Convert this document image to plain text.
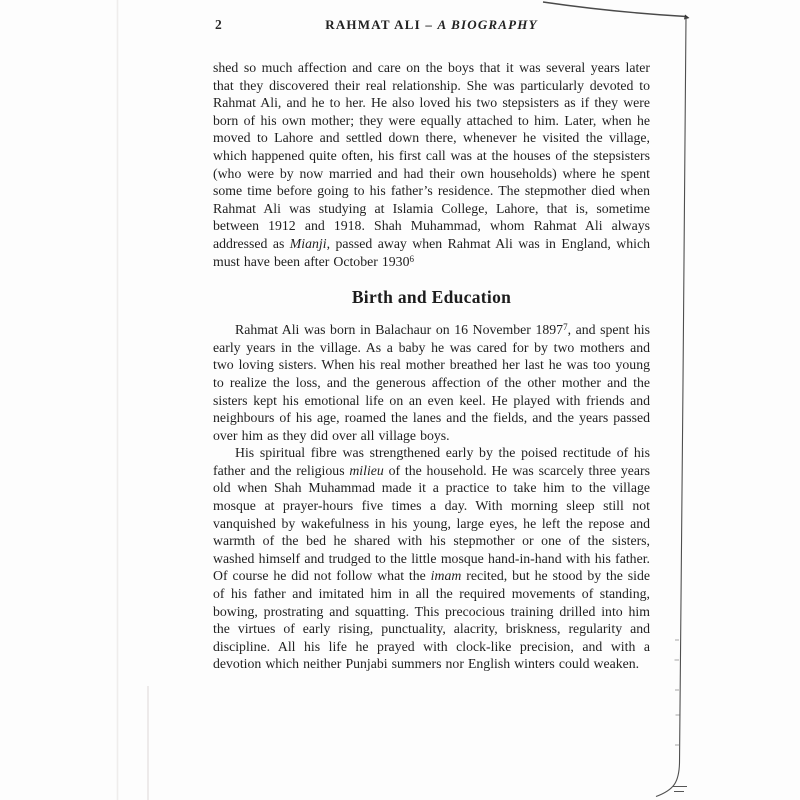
2	RAHMAT ALI – A BIOGRAPHY

shed so much affection and care on the boys that it was several years later that they discovered their real relationship. She was particularly devoted to Rahmat Ali, and he to her. He also loved his two stepsisters as if they were born of his own mother; they were equally attached to him. Later, when he moved to Lahore and settled down there, whenever he visited the village, which happened quite often, his first call was at the houses of the stepsisters (who were by now married and had their own households) where he spent some time before going to his father’s residence. The stepmother died when Rahmat Ali was studying at Islamia College, Lahore, that is, sometime between 1912 and 1918. Shah Muhammad, whom Rahmat Ali always addressed as Mianji, passed away when Rahmat Ali was in England, which must have been after October 1930$^6$

Birth and Education

Rahmat Ali was born in Balachaur on 16 November 1897$^7$, and spent his early years in the village. As a baby he was cared for by two mothers and two loving sisters. When his real mother breathed her last he was too young to realize the loss, and the generous affection of the other mother and the sisters kept his emotional life on an even keel. He played with friends and neighbours of his age, roamed the lanes and the fields, and the years passed over him as they did over all village boys.

His spiritual fibre was strengthened early by the poised rectitude of his father and the religious milieu of the household. He was scarcely three years old when Shah Muhammad made it a practice to take him to the village mosque at prayer-hours five times a day. With morning sleep still not vanquished by wakefulness in his young, large eyes, he left the repose and warmth of the bed he shared with his stepmother or one of the sisters, washed himself and trudged to the little mosque hand-in-hand with his father. Of course he did not follow what the imam recited, but he stood by the side of his father and imitated him in all the required movements of standing, bowing, prostrating and squatting. This precocious training drilled into him the virtues of early rising, punctuality, alacrity, briskness, regularity and discipline. All his life he prayed with clock-like precision, and with a devotion which neither Punjabi summers nor English winters could weaken.
